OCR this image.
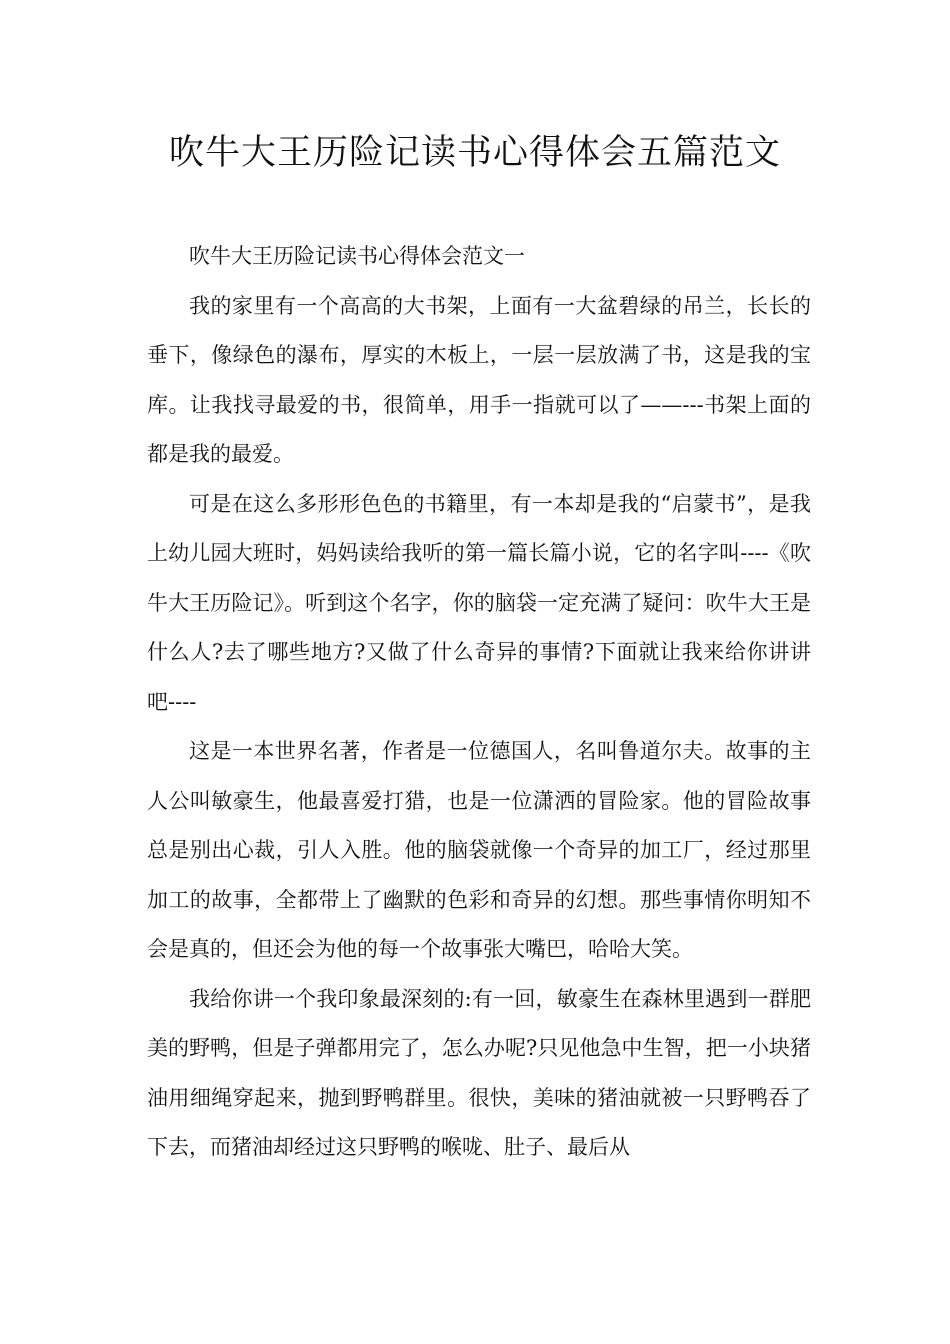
吹牛大王历险记读书心得体会五篇范文

吹牛大王历险记读书心得体会范文一

我的家里有一个高高的大书架，上面有一大盆碧绿的吊兰，长长的垂下，像绿色的瀑布，厚实的木板上，一层一层放满了书，这是我的宝库。让我找寻最爱的书，很简单，用手一指就可以了——---书架上面的都是我的最爱。

可是在这么多形形色色的书籍里，有一本却是我的“启蒙书”，是我上幼儿园大班时，妈妈读给我听的第一篇长篇小说，它的名字叫----《吹牛大王历险记》。听到这个名字，你的脑袋一定充满了疑问：吹牛大王是什么人?去了哪些地方?又做了什么奇异的事情?下面就让我来给你讲讲吧----

这是一本世界名著，作者是一位德国人，名叫鲁道尔夫。故事的主人公叫敏豪生，他最喜爱打猎，也是一位潇洒的冒险家。他的冒险故事总是别出心裁，引人入胜。他的脑袋就像一个奇异的加工厂，经过那里加工的故事，全都带上了幽默的色彩和奇异的幻想。那些事情你明知不会是真的，但还会为他的每一个故事张大嘴巴，哈哈大笑。

我给你讲一个我印象最深刻的:有一回，敏豪生在森林里遇到一群肥美的野鸭，但是子弹都用完了，怎么办呢?只见他急中生智，把一小块猪油用细绳穿起来，抛到野鸭群里。很快，美味的猪油就被一只野鸭吞了下去，而猪油却经过这只野鸭的喉咙、肚子、最后从
